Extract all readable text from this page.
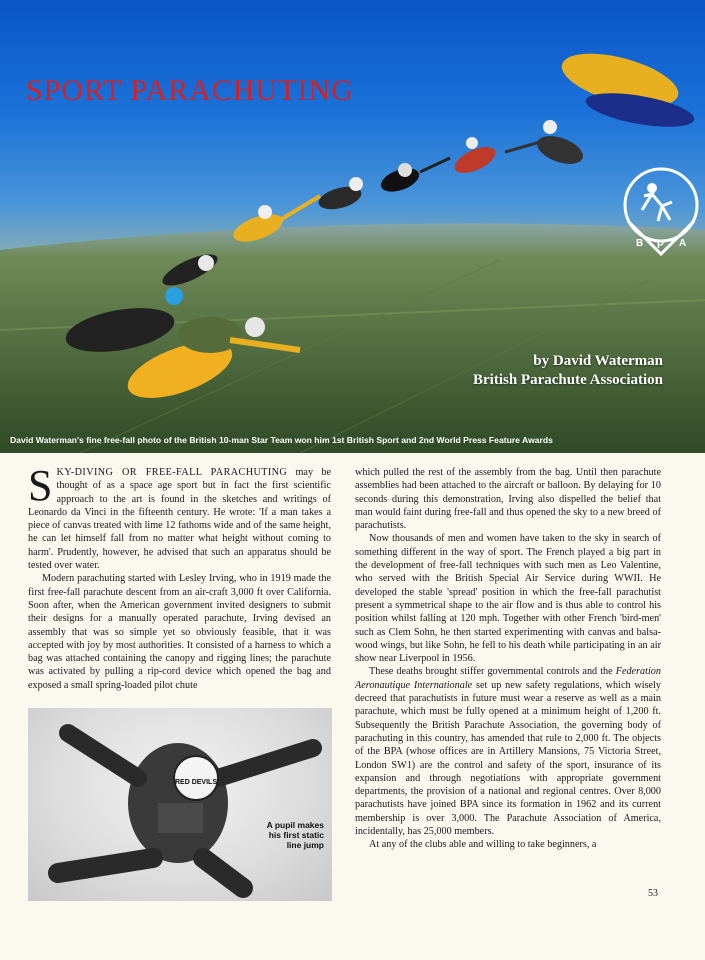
SPORT PARACHUTING
B P A
by David Waterman
British Parachute Association
David Waterman's fine free-fall photo of the British 10-man Star Team won him 1st British Sport and 2nd World Press Feature Awards

SKY-DIVING OR FREE-FALL PARACHUTING may be thought of as a space age sport but in fact the first scientific approach to the art is found in the sketches and writings of Leonardo da Vinci in the fifteenth century. He wrote: 'If a man takes a piece of canvas treated with lime 12 fathoms wide and of the same height, he can let himself fall from no matter what height without coming to harm'. Prudently, however, he advised that such an apparatus should be tested over water.

Modern parachuting started with Lesley Irving, who in 1919 made the first free-fall parachute descent from an air-craft 3,000 ft over California. Soon after, when the American government invited designers to submit their designs for a manually operated parachute, Irving devised an assembly that was so simple yet so obviously feasible, that it was accepted with joy by most authorities. It consisted of a harness to which a bag was attached containing the canopy and rigging lines; the parachute was activated by pulling a rip-cord device which opened the bag and exposed a small spring-loaded pilot chute

RED DEVILS
A pupil makes his first static line jump

which pulled the rest of the assembly from the bag. Until then parachute assemblies had been attached to the aircraft or balloon. By delaying for 10 seconds during this demonstration, Irving also dispelled the belief that man would faint during free-fall and thus opened the sky to a new breed of parachutists.

Now thousands of men and women have taken to the sky in search of something different in the way of sport. The French played a big part in the development of free-fall techniques with such men as Leo Valentine, who served with the British Special Air Service during WWII. He developed the stable 'spread' position in which the free-fall parachutist present a symmetrical shape to the air flow and is thus able to control his position whilst falling at 120 mph. Together with other French 'bird-men' such as Clem Sohn, he then started experimenting with canvas and balsa-wood wings, but like Sohn, he fell to his death while participating in an air show near Liverpool in 1956.

These deaths brought stiffer governmental controls and the Federation Aeronautique Internationale set up new safety regulations, which wisely decreed that parachutists in future must wear a reserve as well as a main parachute, which must be fully opened at a minimum height of 1,200 ft. Subsequently the British Parachute Association, the governing body of parachuting in this country, has amended that rule to 2,000 ft. The objects of the BPA (whose offices are in Artillery Mansions, 75 Victoria Street, London SW1) are the control and safety of the sport, insurance of its expansion and through negotiations with appropriate government departments, the provision of a national and regional centres. Over 8,000 parachutists have joined BPA since its formation in 1962 and its current membership is over 3,000. The Parachute Association of America, incidentally, has 25,000 members.

At any of the clubs able and willing to take beginners, a

53
